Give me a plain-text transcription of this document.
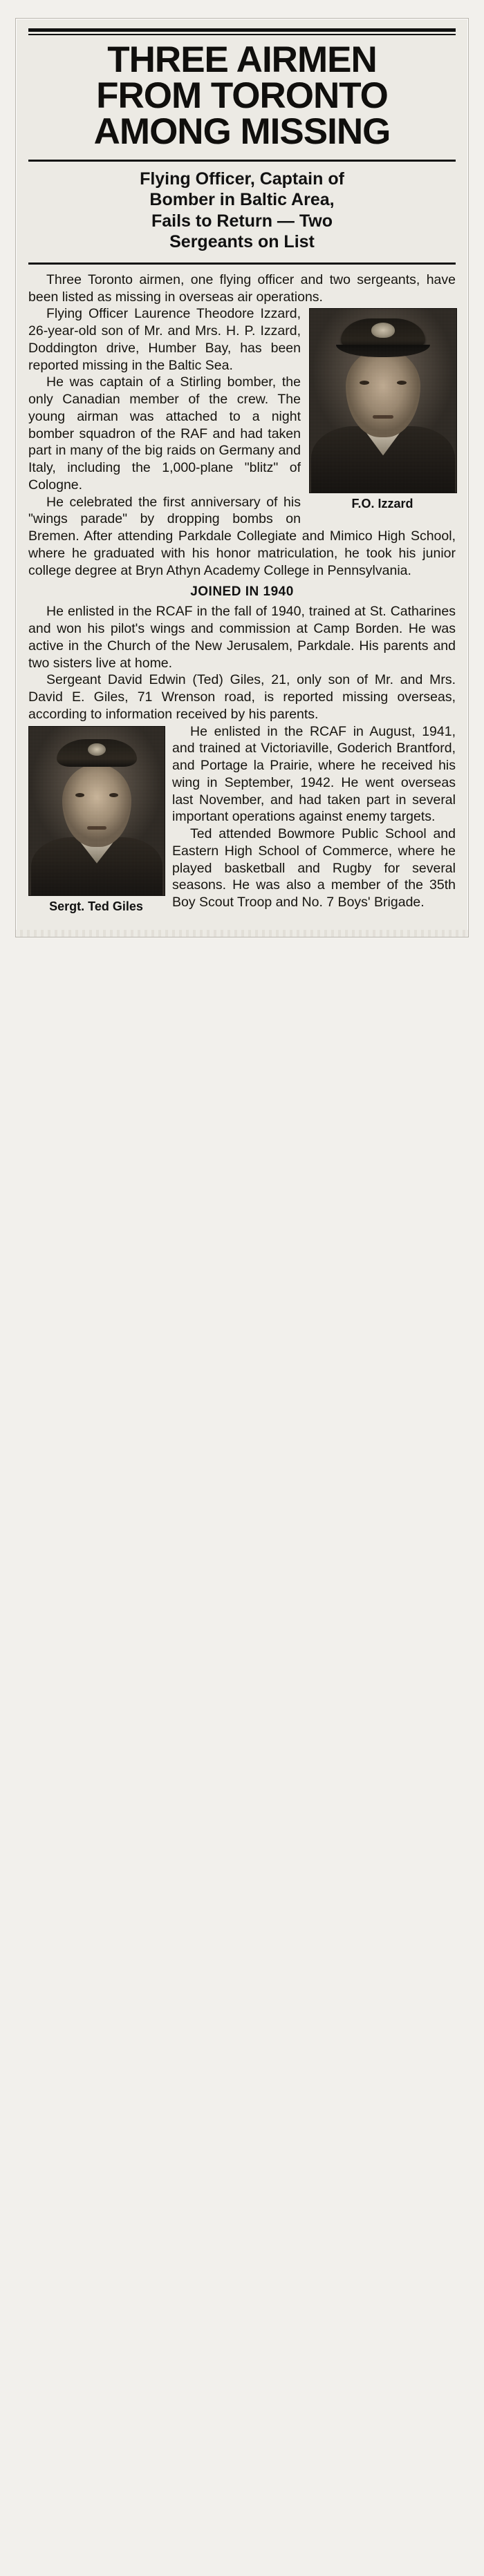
THREE AIRMEN
FROM TORONTO
AMONG MISSING
Flying Officer, Captain of
Bomber in Baltic Area,
Fails to Return — Two
Sergeants on List

Three Toronto airmen, one flying officer and two sergeants, have been listed as missing in overseas air operations.

F.O. Izzard

Flying Officer Laurence Theodore Izzard, 26-year-old son of Mr. and Mrs. H. P. Izzard, Doddington drive, Humber Bay, has been reported missing in the Baltic Sea.

He was captain of a Stirling bomber, the only Canadian member of the crew. The young airman was attached to a night bomber squadron of the RAF and had taken part in many of the big raids on Germany and Italy, including the 1,000-plane "blitz" of Cologne.

He celebrated the first anniversary of his "wings parade" by dropping bombs on Bremen. After attending Parkdale Collegiate and Mimico High School, where he graduated with his honor matriculation, he took his junior college degree at Bryn Athyn Academy College in Pennsylvania.

JOINED IN 1940

He enlisted in the RCAF in the fall of 1940, trained at St. Catharines and won his pilot's wings and commission at Camp Borden. He was active in the Church of the New Jerusalem, Parkdale. His parents and two sisters live at home.

Sergeant David Edwin (Ted) Giles, 21, only son of Mr. and Mrs. David E. Giles, 71 Wrenson road, is reported missing overseas, according to information received by his parents.

Sergt. Ted Giles

He enlisted in the RCAF in August, 1941, and trained at Victoriaville, Goderich Brantford, and Portage la Prairie, where he received his wing in September, 1942. He went overseas last November, and had taken part in several important operations against enemy targets.

Ted attended Bowmore Public School and Eastern High School of Commerce, where he played basketball and Rugby for several seasons. He was also a member of the 35th Boy Scout Troop and No. 7 Boys' Brigade.
